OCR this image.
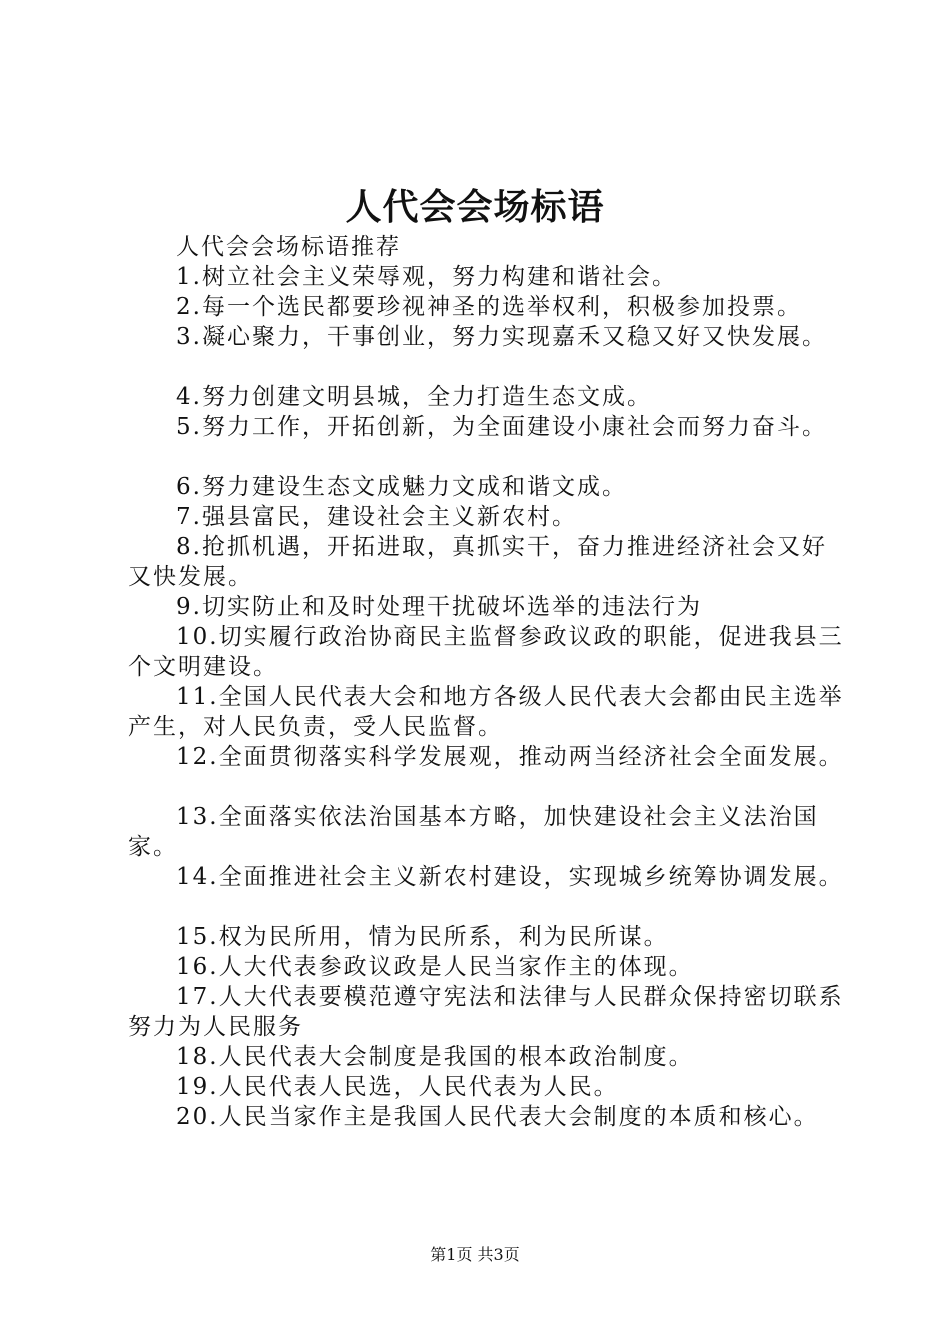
人代会会场标语

人代会会场标语推荐

1.树立社会主义荣辱观，努力构建和谐社会。

2.每一个选民都要珍视神圣的选举权利，积极参加投票。

3.凝心聚力，干事创业，努力实现嘉禾又稳又好又快发展。

4.努力创建文明县城，全力打造生态文成。

5.努力工作，开拓创新，为全面建设小康社会而努力奋斗。

6.努力建设生态文成魅力文成和谐文成。

7.强县富民，建设社会主义新农村。

8.抢抓机遇，开拓进取，真抓实干，奋力推进经济社会又好又快发展。

9.切实防止和及时处理干扰破坏选举的违法行为

10.切实履行政治协商民主监督参政议政的职能，促进我县三个文明建设。

11.全国人民代表大会和地方各级人民代表大会都由民主选举产生，对人民负责，受人民监督。

12.全面贯彻落实科学发展观，推动两当经济社会全面发展。

13.全面落实依法治国基本方略，加快建设社会主义法治国家。

14.全面推进社会主义新农村建设，实现城乡统筹协调发展。

15.权为民所用，情为民所系，利为民所谋。

16.人大代表参政议政是人民当家作主的体现。

17.人大代表要模范遵守宪法和法律与人民群众保持密切联系努力为人民服务

18.人民代表大会制度是我国的根本政治制度。

19.人民代表人民选，人民代表为人民。

20.人民当家作主是我国人民代表大会制度的本质和核心。

第1页 共3页
